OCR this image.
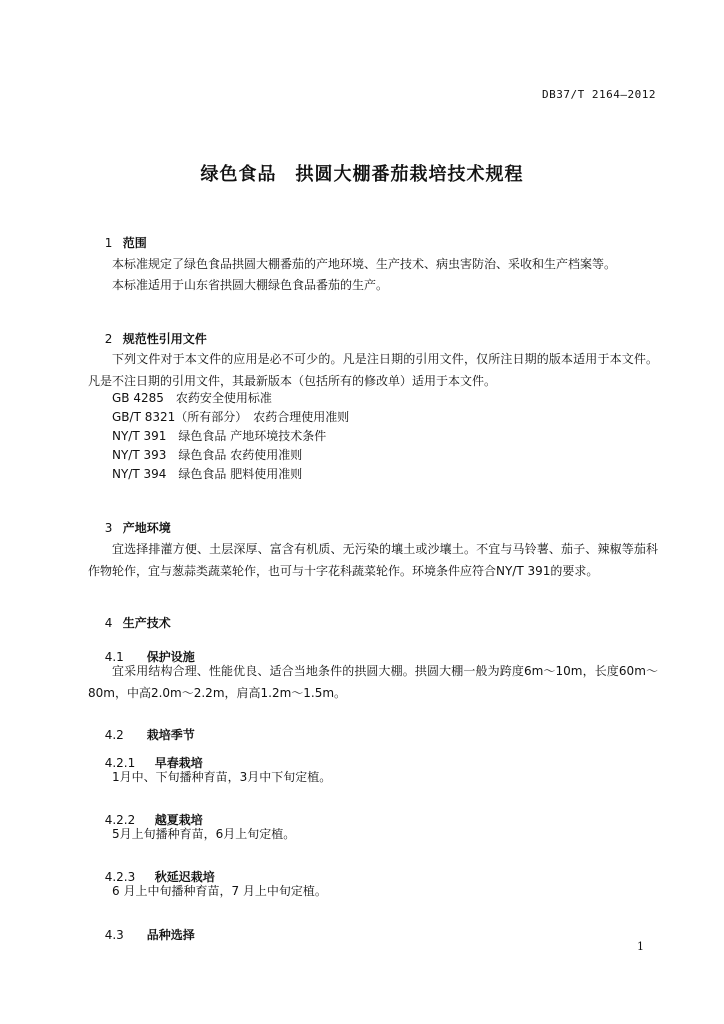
DB37/T 2164—2012
绿色食品　拱圆大棚番茄栽培技术规程

1 范围

本标准规定了绿色食品拱圆大棚番茄的产地环境、生产技术、病虫害防治、采收和生产档案等。
本标准适用于山东省拱圆大棚绿色食品番茄的生产。

2 规范性引用文件

下列文件对于本文件的应用是必不可少的。凡是注日期的引用文件，仅所注日期的版本适用于本文件。凡是不注日期的引用文件，其最新版本（包括所有的修改单）适用于本文件。
GB 4285　农药安全使用标准
GB/T 8321（所有部分）　农药合理使用准则
NY/T 391　绿色食品 产地环境技术条件
NY/T 393　绿色食品 农药使用准则
NY/T 394　绿色食品 肥料使用准则

3 产地环境

宜选择排灌方便、土层深厚、富含有机质、无污染的壤土或沙壤土。不宜与马铃薯、茄子、辣椒等茄科作物轮作，宜与葱蒜类蔬菜轮作，也可与十字花科蔬菜轮作。环境条件应符合NY/T 391的要求。

4 生产技术

4.1 保护设施

宜采用结构合理、性能优良、适合当地条件的拱圆大棚。拱圆大棚一般为跨度6m～10m，长度60m～80m，中高2.0m～2.2m，肩高1.2m～1.5m。

4.2 栽培季节

4.2.1 早春栽培

1月中、下旬播种育苗，3月中下旬定植。

4.2.2 越夏栽培

5月上旬播种育苗，6月上旬定植。

4.2.3 秋延迟栽培

6 月上中旬播种育苗，7 月上中旬定植。

4.3 品种选择

1
